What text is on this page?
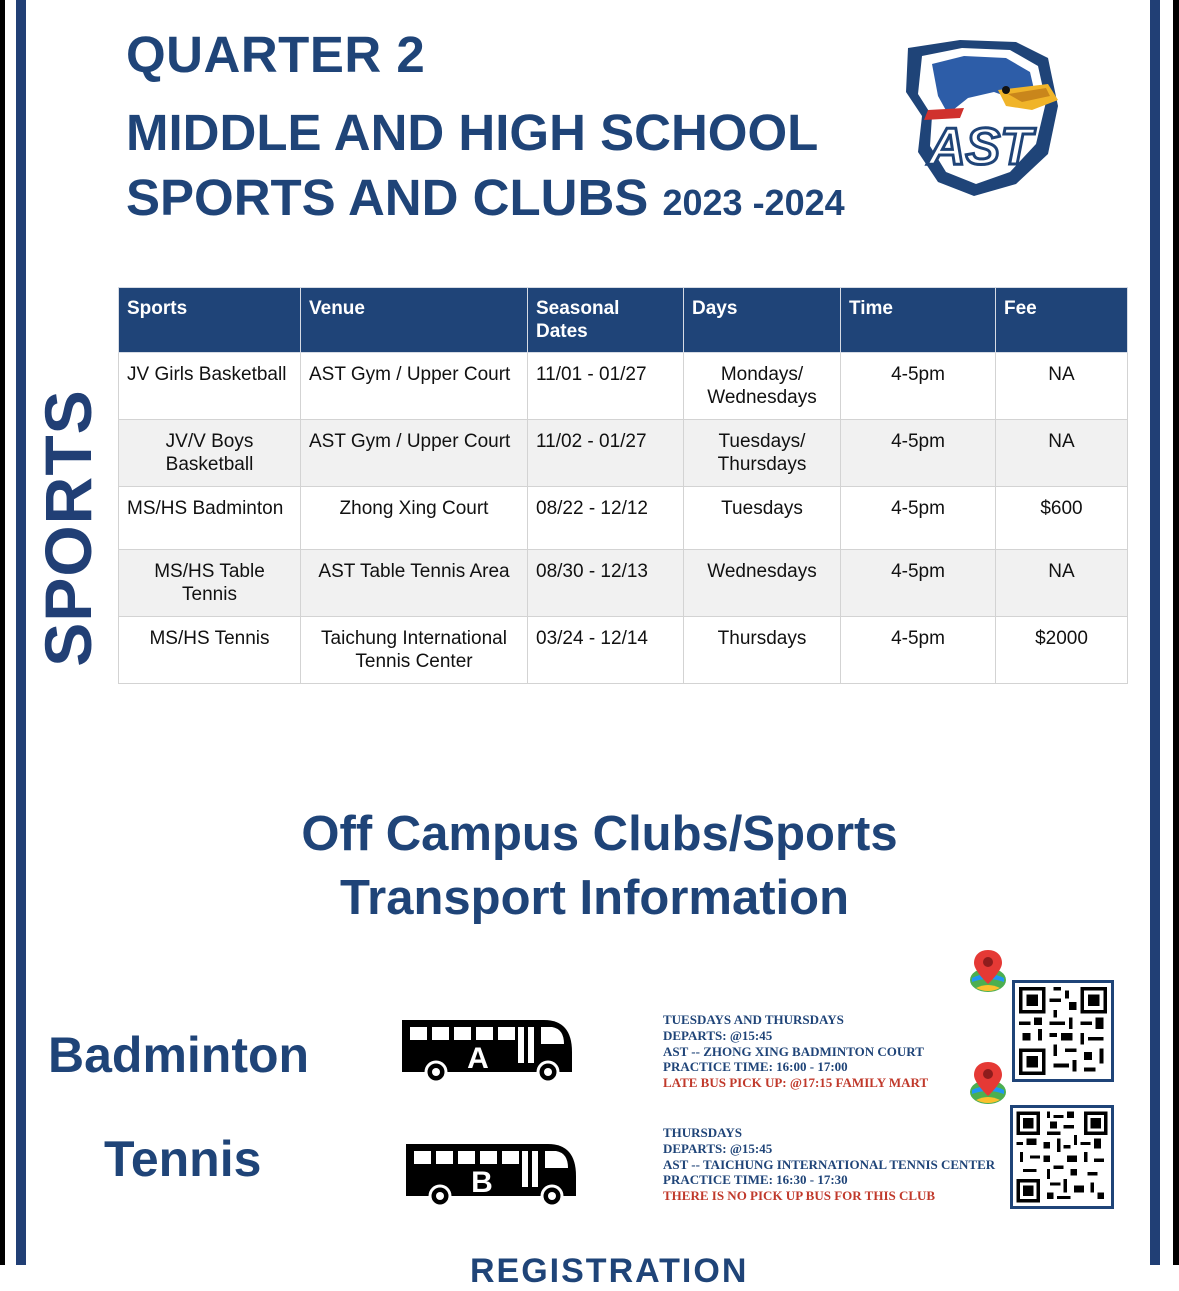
QUARTER 2
MIDDLE AND HIGH SCHOOL
SPORTS AND CLUBS 2023 -2024
AST
SPORTS
Sports	Venue	Seasonal Dates	Days	Time	Fee
JV Girls Basketball	AST Gym / Upper Court	11/01 - 01/27	Mondays/ Wednesdays	4-5pm	NA
JV/V Boys Basketball	AST Gym / Upper Court	11/02 - 01/27	Tuesdays/ Thursdays	4-5pm	NA
MS/HS Badminton	Zhong Xing Court	08/22 - 12/12	Tuesdays	4-5pm	$600
MS/HS Table Tennis	AST Table Tennis Area	08/30 - 12/13	Wednesdays	4-5pm	NA
MS/HS Tennis	Taichung International Tennis Center	03/24 - 12/14	Thursdays	4-5pm	$2000
Off Campus Clubs/Sports
Transport Information
Badminton
Tennis
A
B
TUESDAYS AND THURSDAYS
DEPARTS: @15:45
AST -- ZHONG XING BADMINTON COURT
PRACTICE TIME: 16:00 - 17:00
LATE BUS PICK UP: @17:15 FAMILY MART
THURSDAYS
DEPARTS: @15:45
AST -- TAICHUNG INTERNATIONAL TENNIS CENTER
PRACTICE TIME: 16:30 - 17:30
THERE IS NO PICK UP BUS FOR THIS CLUB
REGISTRATION
